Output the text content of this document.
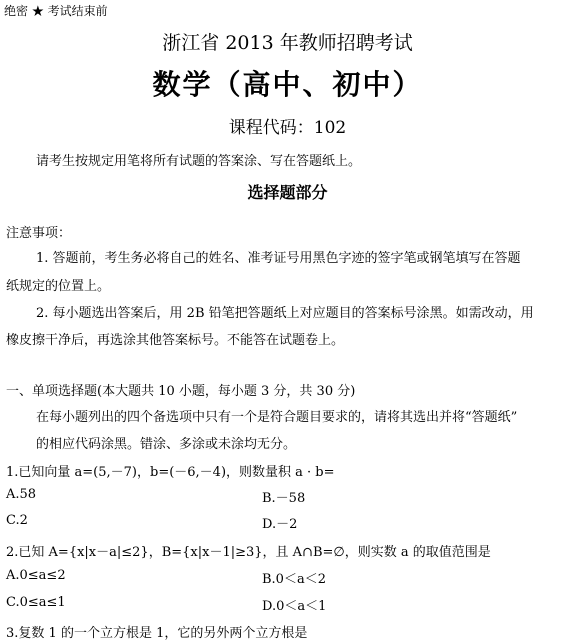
绝密 ★ 考试结束前
浙江省 2013 年教师招聘考试
数学（高中、初中）
课程代码：102
请考生按规定用笔将所有试题的答案涂、写在答题纸上。
选择题部分
注意事项：
1. 答题前，考生务必将自己的姓名、准考证号用黑色字迹的签字笔或钢笔填写在答题
纸规定的位置上。
2. 每小题选出答案后，用 2B 铅笔把答题纸上对应题目的答案标号涂黑。如需改动，用
橡皮擦干净后，再选涂其他答案标号。不能答在试题卷上。
一、单项选择题(本大题共 10 小题，每小题 3 分，共 30 分)
在每小题列出的四个备选项中只有一个是符合题目要求的，请将其选出并将“答题纸”
的相应代码涂黑。错涂、多涂或未涂均无分。
1.已知向量 a=(5,－7)，b=(－6,－4)，则数量积 a · b=
A.58	B.－58
C.2	D.－2
2.已知 A={x|x－a|≤2}，B={x|x－1|≥3}，且 A∩B=∅，则实数 a 的取值范围是
A.0≤a≤2	B.0＜a＜2
C.0≤a≤1	D.0＜a＜1
3.复数 1 的一个立方根是 1，它的另外两个立方根是
